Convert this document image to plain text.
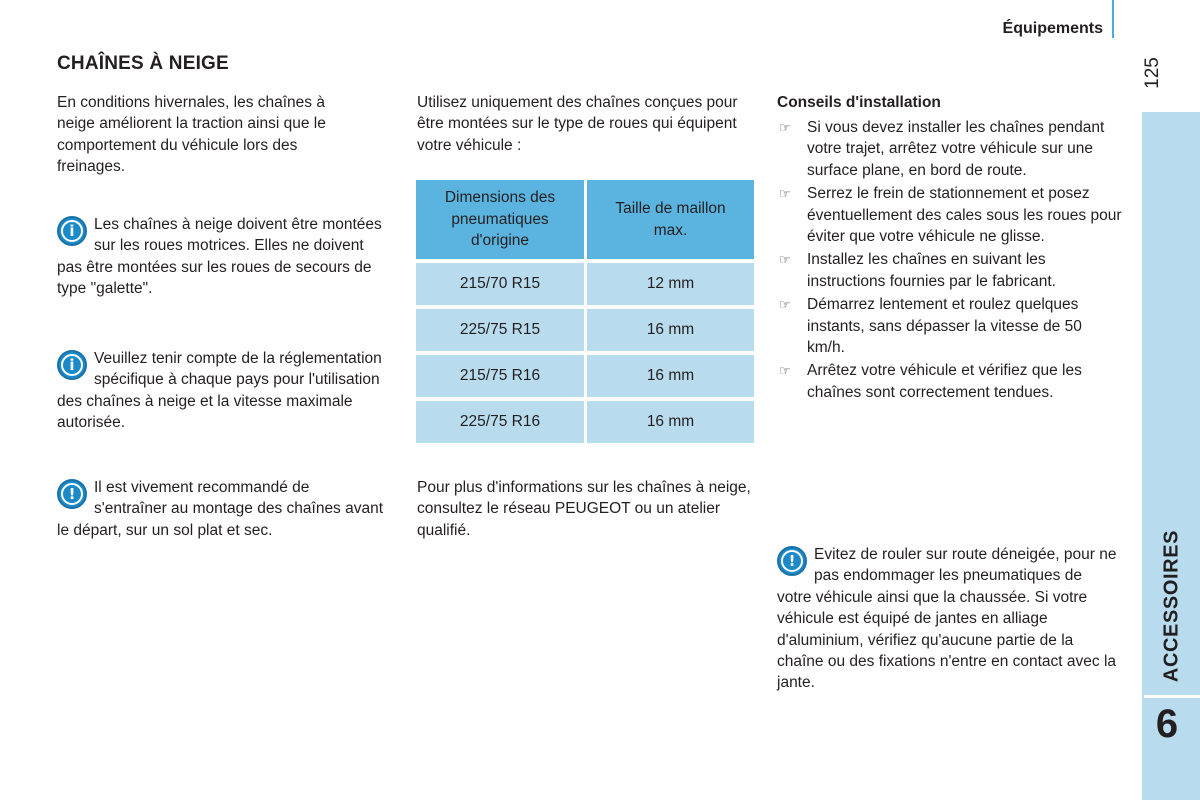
Équipements
125
ACCESSOIRES
6
CHAÎNES À NEIGE

En conditions hivernales, les chaînes à neige améliorent la traction ainsi que le comportement du véhicule lors des freinages.

i	Les chaînes à neige doivent être montées sur les roues motrices. Elles ne doivent pas être montées sur les roues de secours de type "galette".
i	Veuillez tenir compte de la réglementation spécifique à chaque pays pour l'utilisation des chaînes à neige et la vitesse maximale autorisée.
!	Il est vivement recommandé de s'entraîner au montage des chaînes avant le départ, sur un sol plat et sec.

Utilisez uniquement des chaînes conçues pour être montées sur le type de roues qui équipent votre véhicule :

Dimensions des pneumatiques d'origine	Taille de maillon max.

215/70 R15	12 mm
225/75 R15	16 mm
215/75 R16	16 mm
225/75 R16	16 mm

Pour plus d'informations sur les chaînes à neige, consultez le réseau PEUGEOT ou un atelier qualifié.

Conseils d'installation
☞ Si vous devez installer les chaînes pendant votre trajet, arrêtez votre véhicule sur une surface plane, en bord de route.
☞ Serrez le frein de stationnement et posez éventuellement des cales sous les roues pour éviter que votre véhicule ne glisse.
☞ Installez les chaînes en suivant les instructions fournies par le fabricant.
☞ Démarrez lentement et roulez quelques instants, sans dépasser la vitesse de 50 km/h.
☞ Arrêtez votre véhicule et vérifiez que les chaînes sont correctement tendues.
!	Evitez de rouler sur route déneigée, pour ne pas endommager les pneumatiques de votre véhicule ainsi que la chaussée. Si votre véhicule est équipé de jantes en alliage d'aluminium, vérifiez qu'aucune partie de la chaîne ou des fixations n'entre en contact avec la jante.
